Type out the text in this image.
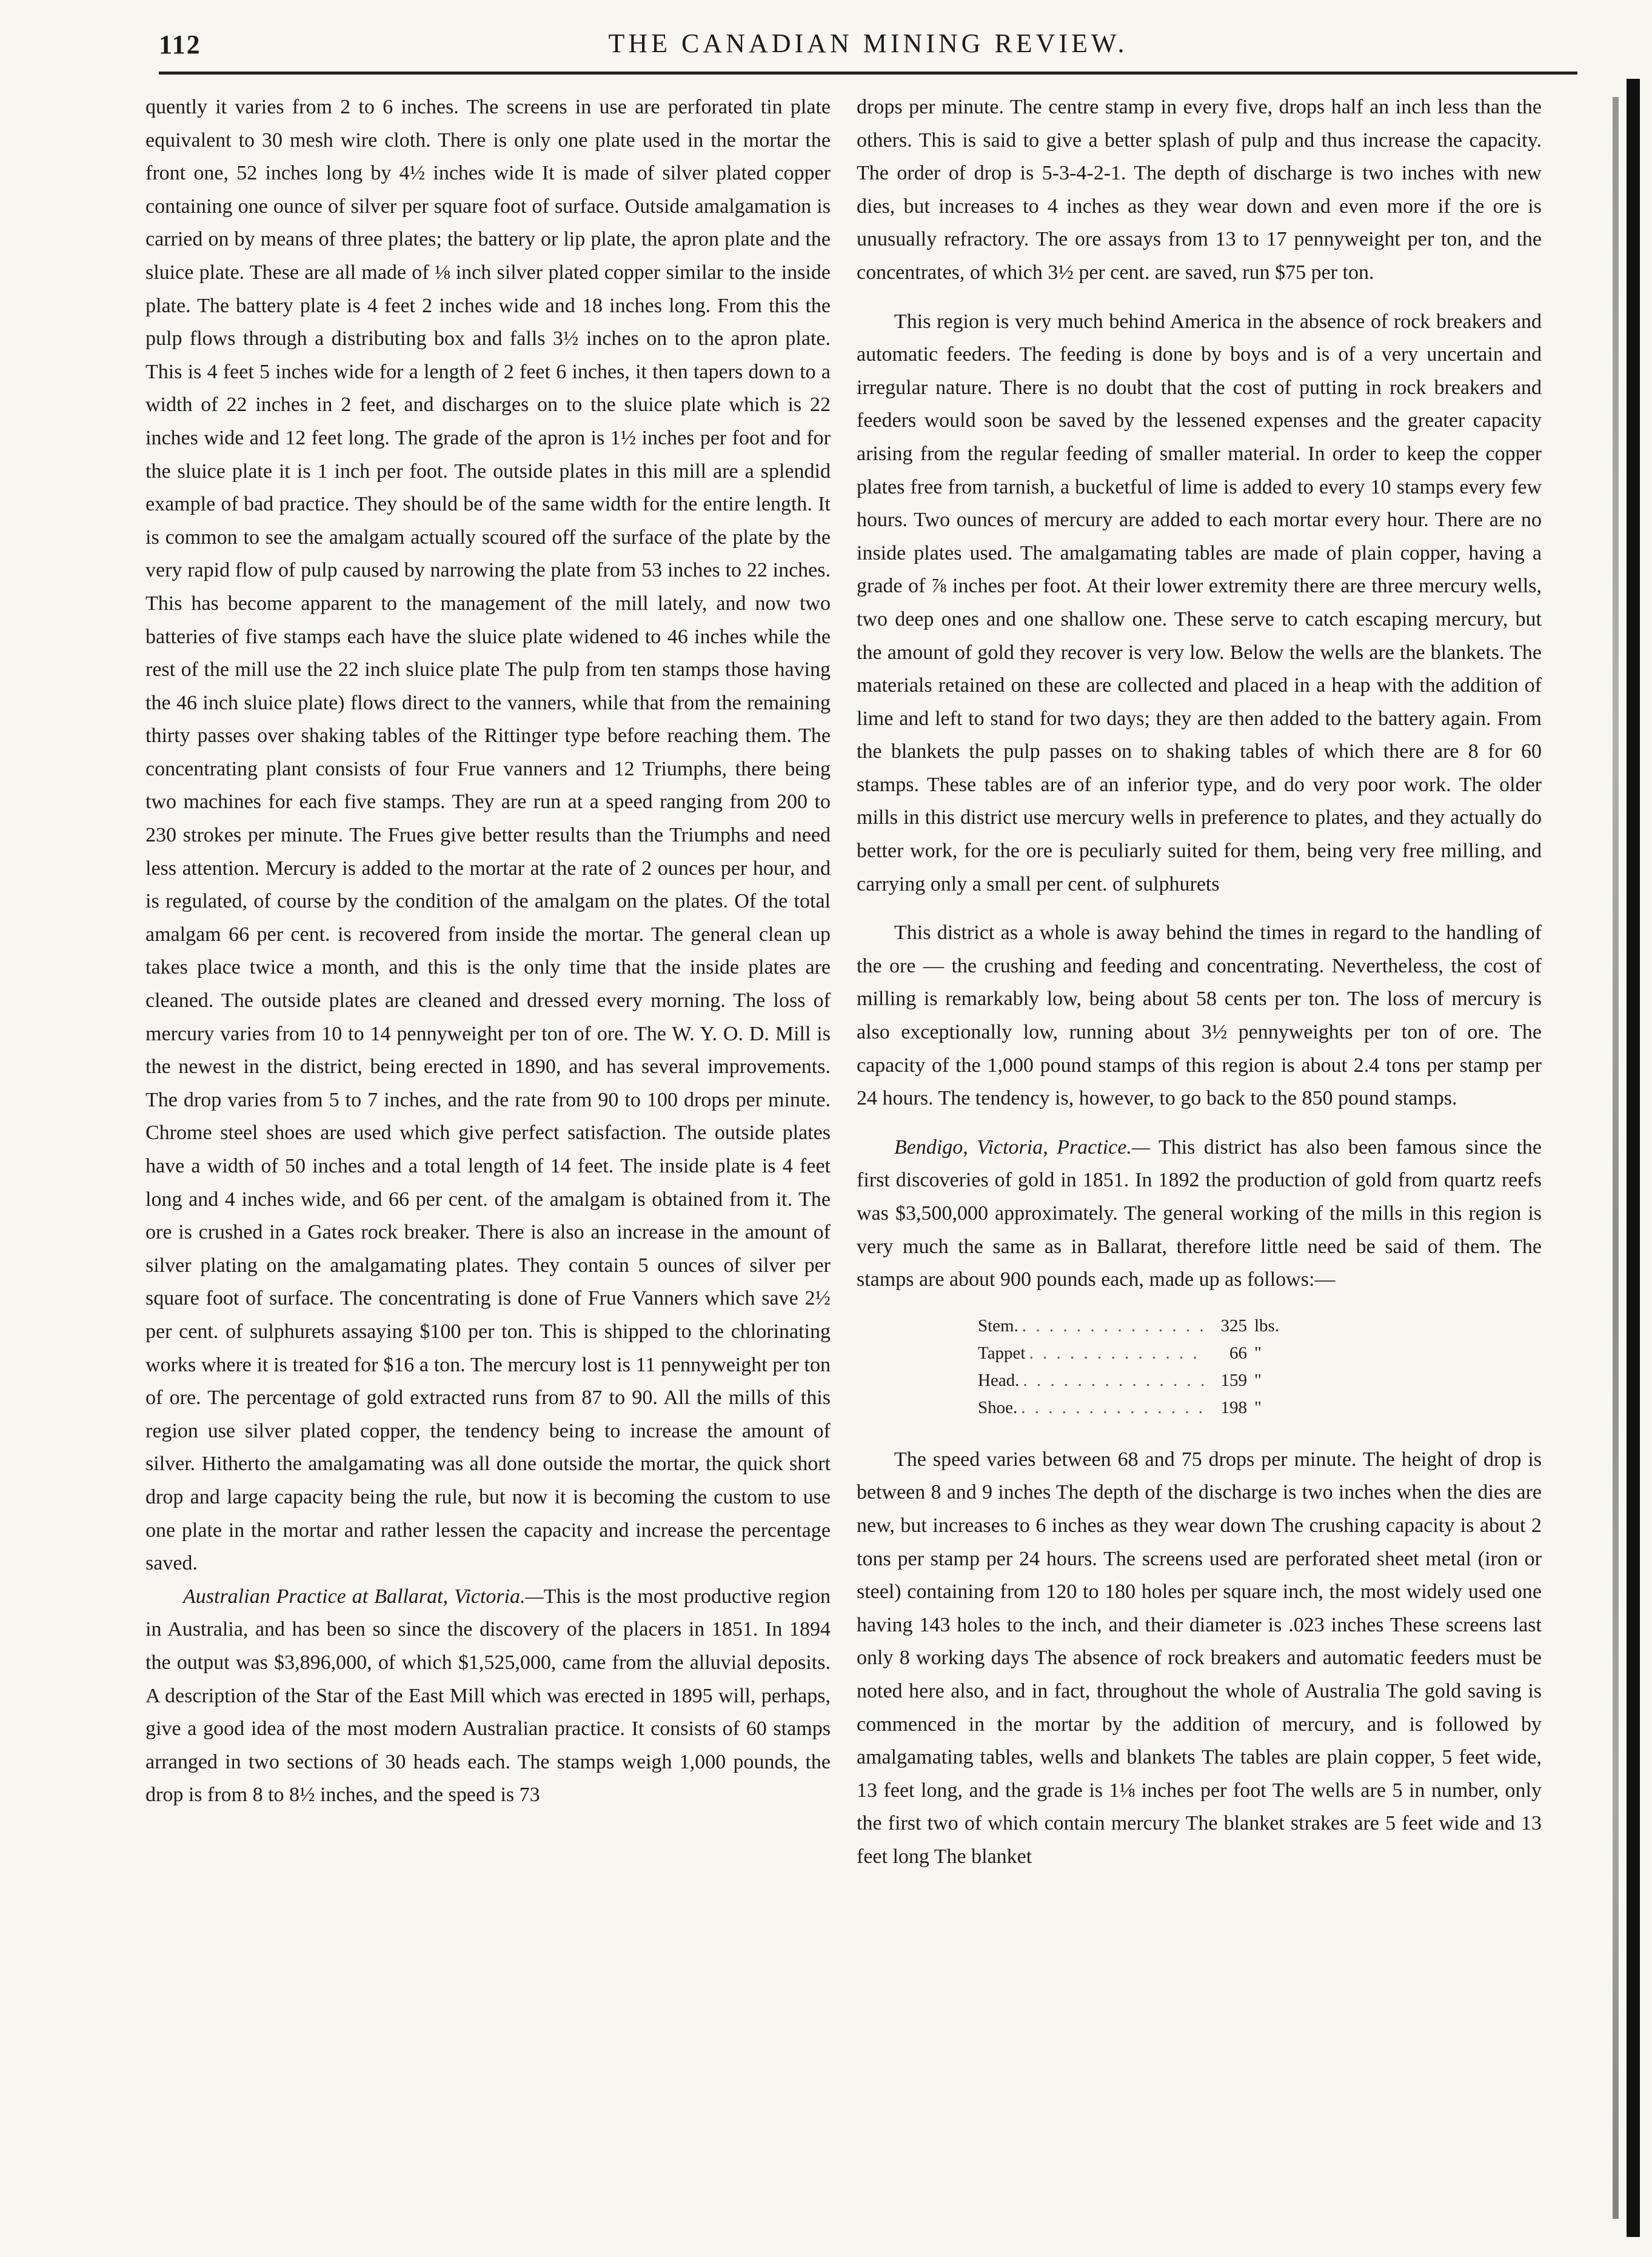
112	THE CANADIAN MINING REVIEW.

quently it varies from 2 to 6 inches. The screens in use are perforated tin plate equivalent to 30 mesh wire cloth. There is only one plate used in the mortar the front one, 52 inches long by 4½ inches wide It is made of silver plated copper containing one ounce of silver per square foot of surface. Outside amalgamation is carried on by means of three plates; the battery or lip plate, the apron plate and the sluice plate. These are all made of ⅛ inch silver plated copper similar to the inside plate. The battery plate is 4 feet 2 inches wide and 18 inches long. From this the pulp flows through a distributing box and falls 3½ inches on to the apron plate. This is 4 feet 5 inches wide for a length of 2 feet 6 inches, it then tapers down to a width of 22 inches in 2 feet, and discharges on to the sluice plate which is 22 inches wide and 12 feet long. The grade of the apron is 1½ inches per foot and for the sluice plate it is 1 inch per foot. The outside plates in this mill are a splendid example of bad practice. They should be of the same width for the entire length. It is common to see the amalgam actually scoured off the surface of the plate by the very rapid flow of pulp caused by narrowing the plate from 53 inches to 22 inches. This has become apparent to the management of the mill lately, and now two batteries of five stamps each have the sluice plate widened to 46 inches while the rest of the mill use the 22 inch sluice plate The pulp from ten stamps those having the 46 inch sluice plate) flows direct to the vanners, while that from the remaining thirty passes over shaking tables of the Rittinger type before reaching them. The concentrating plant consists of four Frue vanners and 12 Triumphs, there being two machines for each five stamps. They are run at a speed ranging from 200 to 230 strokes per minute. The Frues give better results than the Triumphs and need less attention. Mercury is added to the mortar at the rate of 2 ounces per hour, and is regulated, of course by the condition of the amalgam on the plates. Of the total amalgam 66 per cent. is recovered from inside the mortar. The general clean up takes place twice a month, and this is the only time that the inside plates are cleaned. The outside plates are cleaned and dressed every morning. The loss of mercury varies from 10 to 14 pennyweight per ton of ore. The W. Y. O. D. Mill is the newest in the district, being erected in 1890, and has several improvements. The drop varies from 5 to 7 inches, and the rate from 90 to 100 drops per minute. Chrome steel shoes are used which give perfect satisfaction. The outside plates have a width of 50 inches and a total length of 14 feet. The inside plate is 4 feet long and 4 inches wide, and 66 per cent. of the amalgam is obtained from it. The ore is crushed in a Gates rock breaker. There is also an increase in the amount of silver plating on the amalgamating plates. They contain 5 ounces of silver per square foot of surface. The concentrating is done of Frue Vanners which save 2½ per cent. of sulphurets assaying $100 per ton. This is shipped to the chlorinating works where it is treated for $16 a ton. The mercury lost is 11 pennyweight per ton of ore. The percentage of gold extracted runs from 87 to 90. All the mills of this region use silver plated copper, the tendency being to increase the amount of silver. Hitherto the amalgamating was all done outside the mortar, the quick short drop and large capacity being the rule, but now it is becoming the custom to use one plate in the mortar and rather lessen the capacity and increase the percentage saved.

Australian Practice at Ballarat, Victoria.—This is the most productive region in Australia, and has been so since the discovery of the placers in 1851. In 1894 the output was $3,896,000, of which $1,525,000, came from the alluvial deposits. A description of the Star of the East Mill which was erected in 1895 will, perhaps, give a good idea of the most modern Australian practice. It consists of 60 stamps arranged in two sections of 30 heads each. The stamps weigh 1,000 pounds, the drop is from 8 to 8½ inches, and the speed is 73

drops per minute. The centre stamp in every five, drops half an inch less than the others. This is said to give a better splash of pulp and thus increase the capacity. The order of drop is 5-3-4-2-1. The depth of discharge is two inches with new dies, but increases to 4 inches as they wear down and even more if the ore is unusually refractory. The ore assays from 13 to 17 pennyweight per ton, and the concentrates, of which 3½ per cent. are saved, run $75 per ton.

This region is very much behind America in the absence of rock breakers and automatic feeders. The feeding is done by boys and is of a very uncertain and irregular nature. There is no doubt that the cost of putting in rock breakers and feeders would soon be saved by the lessened expenses and the greater capacity arising from the regular feeding of smaller material. In order to keep the copper plates free from tarnish, a bucketful of lime is added to every 10 stamps every few hours. Two ounces of mercury are added to each mortar every hour. There are no inside plates used. The amalgamating tables are made of plain copper, having a grade of ⅞ inches per foot. At their lower extremity there are three mercury wells, two deep ones and one shallow one. These serve to catch escaping mercury, but the amount of gold they recover is very low. Below the wells are the blankets. The materials retained on these are collected and placed in a heap with the addition of lime and left to stand for two days; they are then added to the battery again. From the blankets the pulp passes on to shaking tables of which there are 8 for 60 stamps. These tables are of an inferior type, and do very poor work. The older mills in this district use mercury wells in preference to plates, and they actually do better work, for the ore is peculiarly suited for them, being very free milling, and carrying only a small per cent. of sulphurets

This district as a whole is away behind the times in regard to the handling of the ore — the crushing and feeding and concentrating. Nevertheless, the cost of milling is remarkably low, being about 58 cents per ton. The loss of mercury is also exceptionally low, running about 3½ pennyweights per ton of ore. The capacity of the 1,000 pound stamps of this region is about 2.4 tons per stamp per 24 hours. The tendency is, however, to go back to the 850 pound stamps.

Bendigo, Victoria, Practice.— This district has also been famous since the first discoveries of gold in 1851. In 1892 the production of gold from quartz reefs was $3,500,000 approximately. The general working of the mills in this region is very much the same as in Ballarat, therefore little need be said of them. The stamps are about 900 pounds each, made up as follows:—

Stem. . . .	325 lbs.
Tappet . . .	66 "
Head. . . .	159 "
Shoe. . . .	198 "

The speed varies between 68 and 75 drops per minute. The height of drop is between 8 and 9 inches The depth of the discharge is two inches when the dies are new, but increases to 6 inches as they wear down The crushing capacity is about 2 tons per stamp per 24 hours. The screens used are perforated sheet metal (iron or steel) containing from 120 to 180 holes per square inch, the most widely used one having 143 holes to the inch, and their diameter is .023 inches These screens last only 8 working days The absence of rock breakers and automatic feeders must be noted here also, and in fact, throughout the whole of Australia The gold saving is commenced in the mortar by the addition of mercury, and is followed by amalgamating tables, wells and blankets The tables are plain copper, 5 feet wide, 13 feet long, and the grade is 1⅛ inches per foot The wells are 5 in number, only the first two of which contain mercury The blanket strakes are 5 feet wide and 13 feet long The blanket
